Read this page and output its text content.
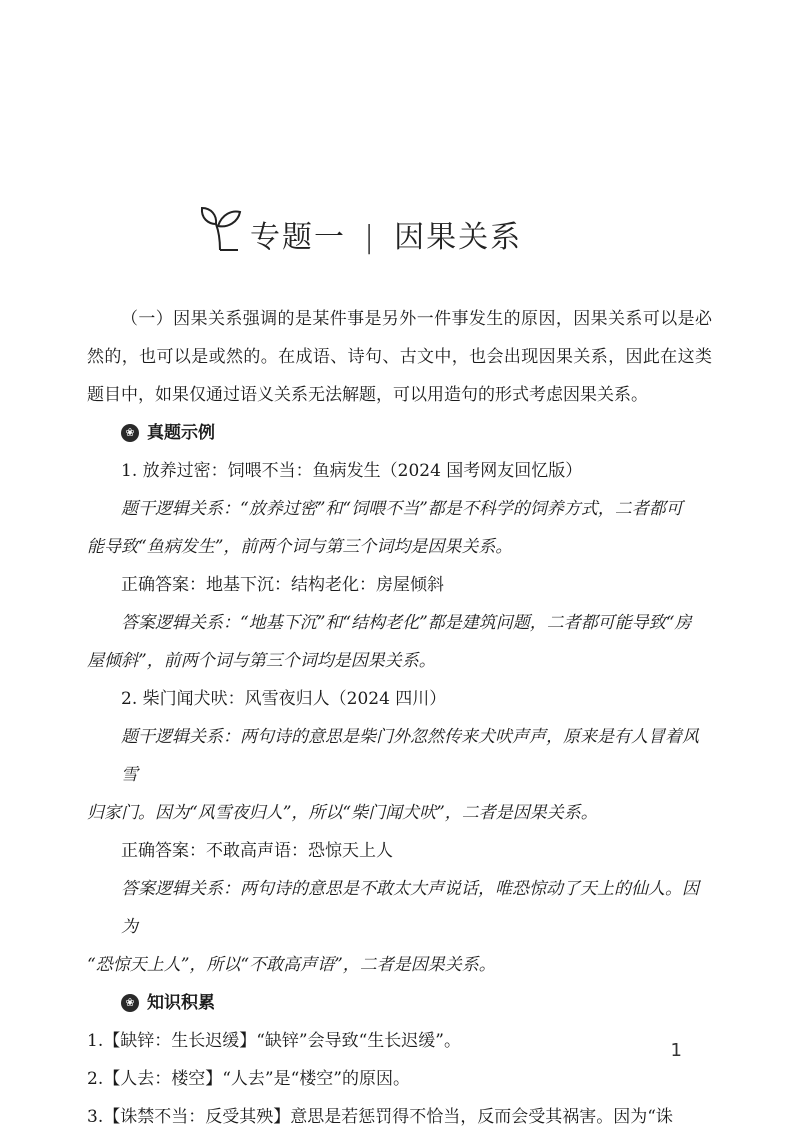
专题一 | 因果关系

（一）因果关系强调的是某件事是另外一件事发生的原因，因果关系可以是必然的，也可以是或然的。在成语、诗句、古文中，也会出现因果关系，因此在这类题目中，如果仅通过语义关系无法解题，可以用造句的形式考虑因果关系。

❀ 真题示例

1. 放养过密：饲喂不当：鱼病发生（2024 国考网友回忆版）

题干逻辑关系：“放养过密”和“饲喂不当”都是不科学的饲养方式，二者都可

能导致“鱼病发生”，前两个词与第三个词均是因果关系。

正确答案：地基下沉：结构老化：房屋倾斜

答案逻辑关系：“地基下沉”和“结构老化”都是建筑问题，二者都可能导致“房

屋倾斜”，前两个词与第三个词均是因果关系。

2. 柴门闻犬吠：风雪夜归人（2024 四川）

题干逻辑关系：两句诗的意思是柴门外忽然传来犬吠声声，原来是有人冒着风雪

归家门。因为“风雪夜归人”，所以“柴门闻犬吠”，二者是因果关系。

正确答案：不敢高声语：恐惊天上人

答案逻辑关系：两句诗的意思是不敢太大声说话，唯恐惊动了天上的仙人。因为

“恐惊天上人”，所以“不敢高声语”，二者是因果关系。

❀ 知识积累

1.【缺锌：生长迟缓】“缺锌”会导致“生长迟缓”。

2.【人去：楼空】“人去”是“楼空”的原因。

3.【诛禁不当：反受其殃】意思是若惩罚得不恰当，反而会受其祸害。因为“诛

1
